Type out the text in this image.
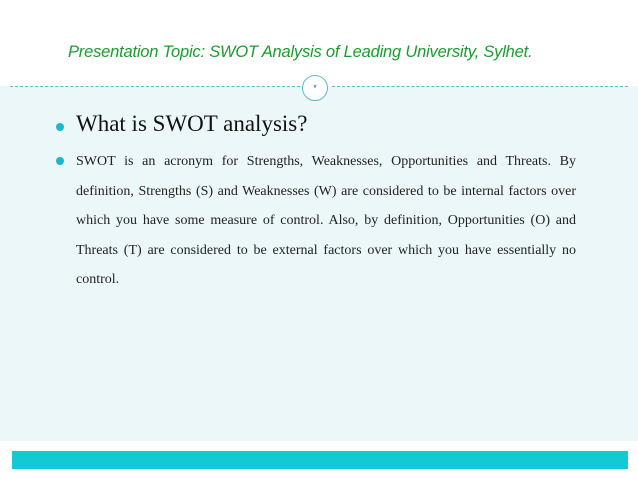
Presentation Topic: SWOT Analysis of Leading University, Sylhet.
*
What is SWOT analysis?

SWOT is an acronym for Strengths, Weaknesses, Opportunities and Threats. By definition, Strengths (S) and Weaknesses (W) are considered to be internal factors over which you have some measure of control. Also, by definition, Opportunities (O) and Threats (T) are considered to be external factors over which you have essentially no control.
